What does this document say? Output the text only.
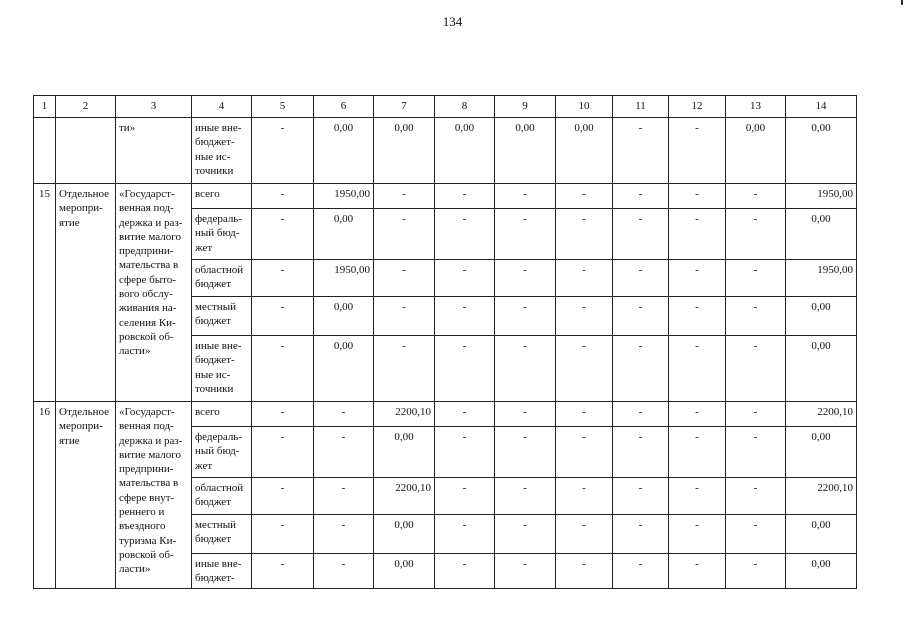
134
1	2	3	4	5	6	7	8	9	10	11	12	13	14
		ти»	иные вне-бюджет-ные ис-точники	-	0,00	0,00	0,00	0,00	0,00	-	-	0,00	0,00
15	Отдельное меропри-ятие	«Государст-венная под-держка и раз-витие малого предприни-мательства в сфере быто-вого обслу-живания на-селения Ки-ровской об-ласти»	всего	-	1950,00	-	-	-	-	-	-	-	1950,00
			федераль-ный бюд-жет	-	0,00	-	-	-	-	-	-	-	0,00
			областной бюджет	-	1950,00	-	-	-	-	-	-	-	1950,00
			местный бюджет	-	0,00	-	-	-	-	-	-	-	0,00
			иные вне-бюджет-ные ис-точники	-	0,00	-	-	-	-	-	-	-	0,00
16	Отдельное меропри-ятие	«Государст-венная под-держка и раз-витие малого предприни-мательства в сфере внут-реннего и въездного туризма Ки-ровской об-ласти»	всего	-	-	2200,10	-	-	-	-	-	-	2200,10
			федераль-ный бюд-жет	-	-	0,00	-	-	-	-	-	-	0,00
			областной бюджет	-	-	2200,10	-	-	-	-	-	-	2200,10
			местный бюджет	-	-	0,00	-	-	-	-	-	-	0,00
			иные вне-бюджет-	-	-	0,00	-	-	-	-	-	-	0,00
